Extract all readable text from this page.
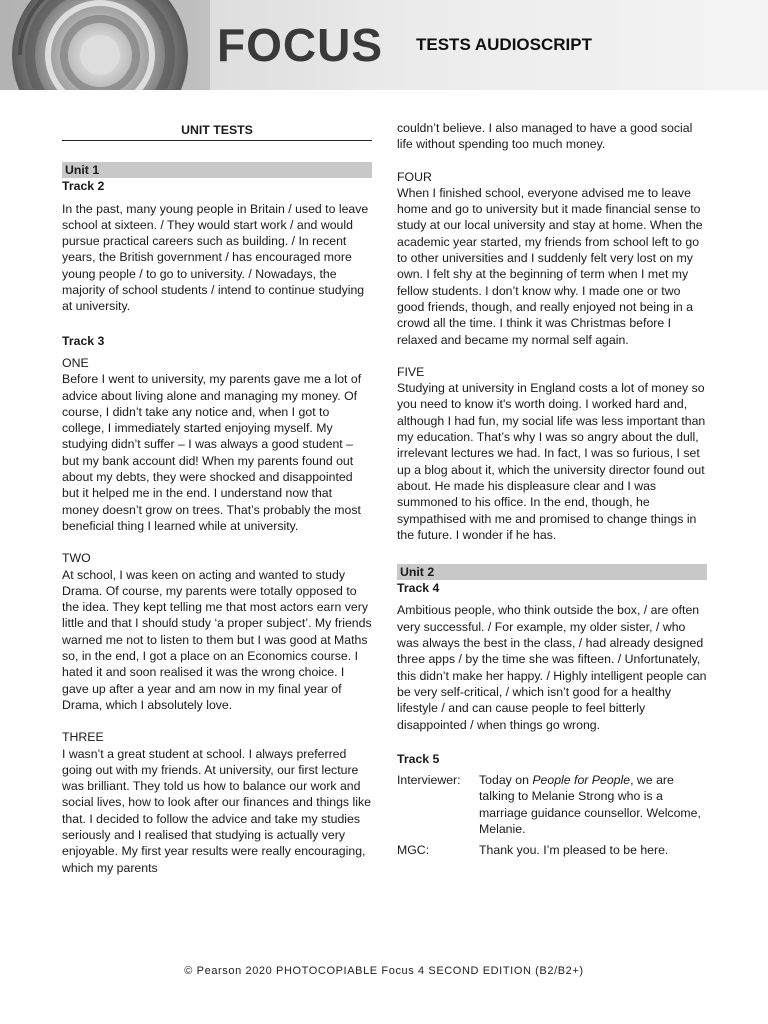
FOCUS TESTS AUDIOSCRIPT
UNIT TESTS
Unit 1

Track 2

In the past, many young people in Britain / used to leave school at sixteen. / They would start work / and would pursue practical careers such as building. / In recent years, the British government / has encouraged more young people / to go to university. / Nowadays, the majority of school students / intend to continue studying at university.

Track 3

ONE

Before I went to university, my parents gave me a lot of advice about living alone and managing my money. Of course, I didn’t take any notice and, when I got to college, I immediately started enjoying myself. My studying didn’t suffer – I was always a good student – but my bank account did! When my parents found out about my debts, they were shocked and disappointed but it helped me in the end. I understand now that money doesn’t grow on trees. That’s probably the most beneficial thing I learned while at university.

TWO

At school, I was keen on acting and wanted to study Drama. Of course, my parents were totally opposed to the idea. They kept telling me that most actors earn very little and that I should study ‘a proper subject’. My friends warned me not to listen to them but I was good at Maths so, in the end, I got a place on an Economics course. I hated it and soon realised it was the wrong choice. I gave up after a year and am now in my final year of Drama, which I absolutely love.

THREE

I wasn’t a great student at school. I always preferred going out with my friends. At university, our first lecture was brilliant. They told us how to balance our work and social lives, how to look after our finances and things like that. I decided to follow the advice and take my studies seriously and I realised that studying is actually very enjoyable. My first year results were really encouraging, which my parents

couldn’t believe. I also managed to have a good social life without spending too much money.

FOUR

When I finished school, everyone advised me to leave home and go to university but it made financial sense to study at our local university and stay at home. When the academic year started, my friends from school left to go to other universities and I suddenly felt very lost on my own. I felt shy at the beginning of term when I met my fellow students. I don’t know why. I made one or two good friends, though, and really enjoyed not being in a crowd all the time. I think it was Christmas before I relaxed and became my normal self again.

FIVE

Studying at university in England costs a lot of money so you need to know it's worth doing. I worked hard and, although I had fun, my social life was less important than my education. That’s why I was so angry about the dull, irrelevant lectures we had. In fact, I was so furious, I set up a blog about it, which the university director found out about. He made his displeasure clear and I was summoned to his office. In the end, though, he sympathised with me and promised to change things in the future. I wonder if he has.

Unit 2

Track 4

Ambitious people, who think outside the box, / are often very successful. / For example, my older sister, / who was always the best in the class, / had already designed three apps / by the time she was fifteen. / Unfortunately, this didn’t make her happy. / Highly intelligent people can be very self-critical, / which isn’t good for a healthy lifestyle / and can cause people to feel bitterly disappointed / when things go wrong.

Track 5

Interviewer:	Today on People for People, we are talking to Melanie Strong who is a marriage guidance counsellor. Welcome, Melanie.
MGC:	Thank you. I’m pleased to be here.
© Pearson 2020 PHOTOCOPIABLE Focus 4 SECOND EDITION (B2/B2+)
